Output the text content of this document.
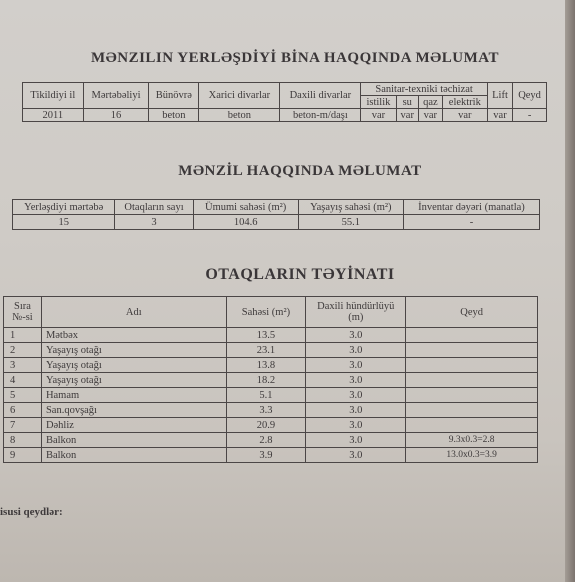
MƏNZILIN YERLƏŞDİYİ BİNA HAQQINDA MƏLUMAT
Tikildiyi il	Mərtəbəliyi	Bünövrə	Xarici divarlar	Daxili divarlar	Sanitar-texniki təchizat				Lift	Qeyd
					istilik	su	qaz	elektrik		
2011	16	beton	beton	beton-m/daşı	var	var	var	var	var	-
MƏNZİL HAQQINDA MƏLUMAT
Yerləşdiyi mərtəbə	Otaqların sayı	Ümumi sahəsi (m²)	Yaşayış sahəsi (m²)	İnventar dəyəri (manatla)
15	3	104.6	55.1	-
OTAQLARIN TƏYİNATI
Sıra №-si	Adı	Sahəsi (m²)	Daxili hündürlüyü (m)	Qeyd
1	Mətbəx	13.5	3.0	
2	Yaşayış otağı	23.1	3.0	
3	Yaşayış otağı	13.8	3.0	
4	Yaşayış otağı	18.2	3.0	
5	Hamam	5.1	3.0	
6	San.qovşağı	3.3	3.0	
7	Dəhliz	20.9	3.0	
8	Balkon	2.8	3.0	9.3x0.3=2.8
9	Balkon	3.9	3.0	13.0x0.3=3.9
isusi qeydlər:
